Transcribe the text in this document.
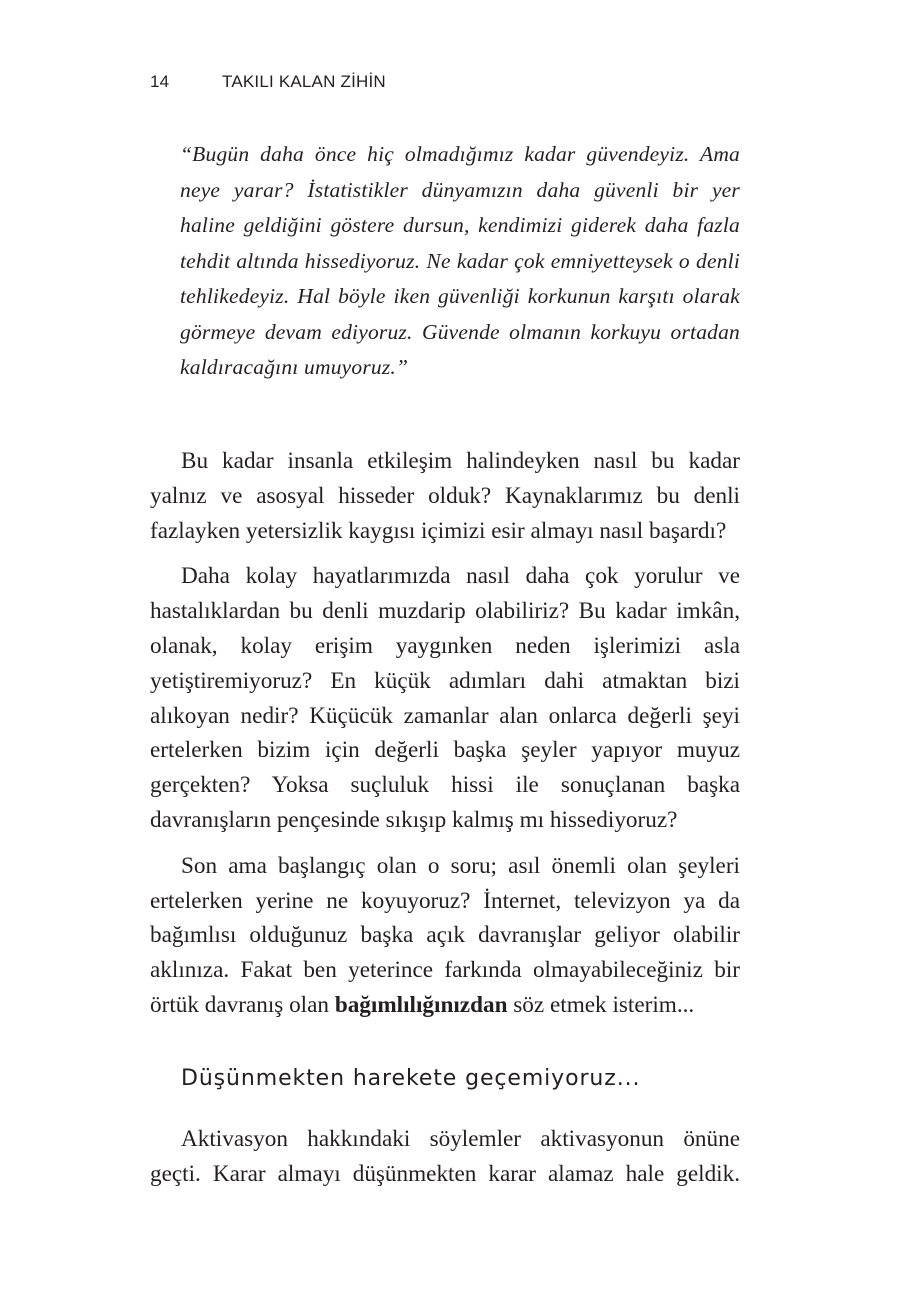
14	TAKILI KALAN ZİHİN

“Bugün daha önce hiç olmadığımız kadar güvendeyiz. Ama neye yarar? İstatistikler dünyamızın daha güvenli bir yer haline geldiğini göstere dursun, kendimizi giderek daha fazla tehdit altında hissediyoruz. Ne kadar çok emniyetteysek o denli tehlikedeyiz. Hal böyle iken güvenliği korkunun karşıtı olarak görmeye devam ediyoruz. Güvende olmanın korkuyu ortadan kaldıracağını umuyoruz.”

Bu kadar insanla etkileşim halindeyken nasıl bu kadar yalnız ve asosyal hisseder olduk? Kaynaklarımız bu denli fazlayken yetersizlik kaygısı içimizi esir almayı nasıl başardı?

Daha kolay hayatlarımızda nasıl daha çok yorulur ve hastalıklardan bu denli muzdarip olabiliriz? Bu kadar imkân, olanak, kolay erişim yaygınken neden işlerimizi asla yetiştiremiyoruz? En küçük adımları dahi atmaktan bizi alıkoyan nedir? Küçücük zamanlar alan onlarca değerli şeyi ertelerken bizim için değerli başka şeyler yapıyor muyuz gerçekten? Yoksa suçluluk hissi ile sonuçlanan başka davranışların pençesinde sıkışıp kalmış mı hissediyoruz?

Son ama başlangıç olan o soru; asıl önemli olan şeyleri ertelerken yerine ne koyuyoruz? İnternet, televizyon ya da bağımlısı olduğunuz başka açık davranışlar geliyor olabilir aklınıza. Fakat ben yeterince farkında olmayabileceğiniz bir örtük davranış olan bağımlılığınızdan söz etmek isterim...

Düşünmekten harekete geçemiyoruz...

Aktivasyon hakkındaki söylemler aktivasyonun önüne geçti. Karar almayı düşünmekten karar alamaz hale geldik.
